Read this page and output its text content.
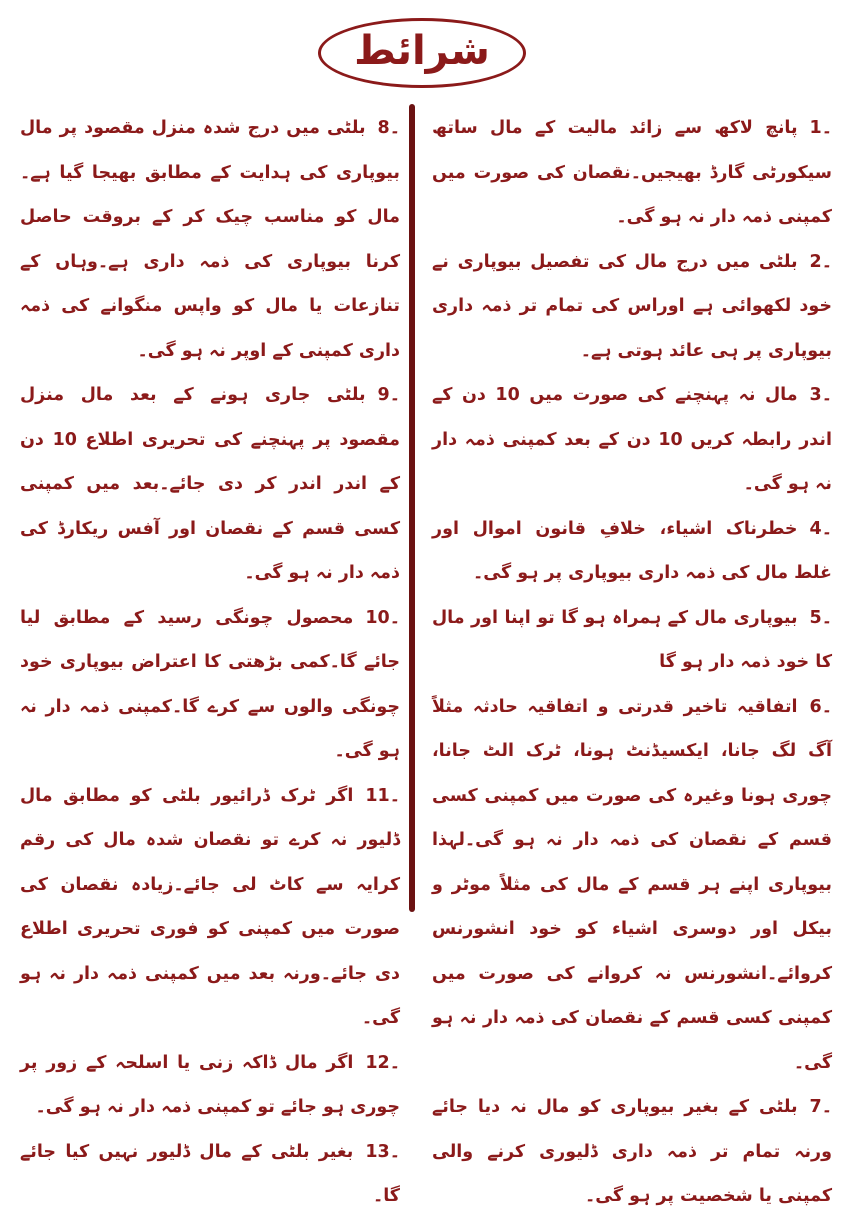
شرائط

1۔پانچ لاکھ سے زائد مالیت کے مال ساتھ سیکورٹی گارڈ بھیجیں۔نقصان کی صورت میں کمپنی ذمہ دار نہ ہو گی۔

2۔بلٹی میں درج مال کی تفصیل بیوپاری نے خود لکھوائی ہے اوراس کی تمام تر ذمہ داری بیوپاری پر ہی عائد ہوتی ہے۔

3۔مال نہ پہنچنے کی صورت میں 10 دن کے اندر رابطہ کریں 10 دن کے بعد کمپنی ذمہ دار نہ ہو گی۔

4۔خطرناک اشیاء، خلافِ قانون اموال اور غلط مال کی ذمہ داری بیوپاری پر ہو گی۔

5۔بیوپاری مال کے ہمراہ ہو گا تو اپنا اور مال کا خود ذمہ دار ہو گا

6۔اتفاقیہ تاخیر قدرتی و اتفاقیہ حادثہ مثلاً آگ لگ جانا، ایکسیڈنٹ ہونا، ٹرک الٹ جانا، چوری ہونا وغیرہ کی صورت میں کمپنی کسی قسم کے نقصان کی ذمہ دار نہ ہو گی۔لہذا بیوپاری اپنے ہر قسم کے مال کی مثلاً موٹر و بیکل اور دوسری اشیاء کو خود انشورنس کروائے۔انشورنس نہ کروانے کی صورت میں کمپنی کسی قسم کے نقصان کی ذمہ دار نہ ہو گی۔

7۔بلٹی کے بغیر بیوپاری کو مال نہ دیا جائے ورنہ تمام تر ذمہ داری ڈلیوری کرنے والی کمپنی یا شخصیت پر ہو گی۔

8۔بلٹی میں درج شدہ منزل مقصود پر مال بیوپاری کی ہدایت کے مطابق بھیجا گیا ہے۔مال کو مناسب چیک کر کے بروقت حاصل کرنا بیوپاری کی ذمہ داری ہے۔وہاں کے تنازعات یا مال کو واپس منگوانے کی ذمہ داری کمپنی کے اوپر نہ ہو گی۔

9۔بلٹی جاری ہونے کے بعد مال منزل مقصود پر پہنچنے کی تحریری اطلاع 10 دن کے اندر اندر کر دی جائے۔بعد میں کمپنی کسی قسم کے نقصان اور آفس ریکارڈ کی ذمہ دار نہ ہو گی۔

10۔محصول چونگی رسید کے مطابق لیا جائے گا۔کمی بڑھتی کا اعتراض بیوپاری خود چونگی والوں سے کرے گا۔کمپنی ذمہ دار نہ ہو گی۔

11۔اگر ٹرک ڈرائیور بلٹی کو مطابق مال ڈلیور نہ کرے تو نقصان شدہ مال کی رقم کرایہ سے کاٹ لی جائے۔زیادہ نقصان کی صورت میں کمپنی کو فوری تحریری اطلاع دی جائے۔ورنہ بعد میں کمپنی ذمہ دار نہ ہو گی۔

12۔اگر مال ڈاکہ زنی یا اسلحہ کے زور پر چوری ہو جائے تو کمپنی ذمہ دار نہ ہو گی۔

13۔بغیر بلٹی کے مال ڈلیور نہیں کیا جائے گا۔
